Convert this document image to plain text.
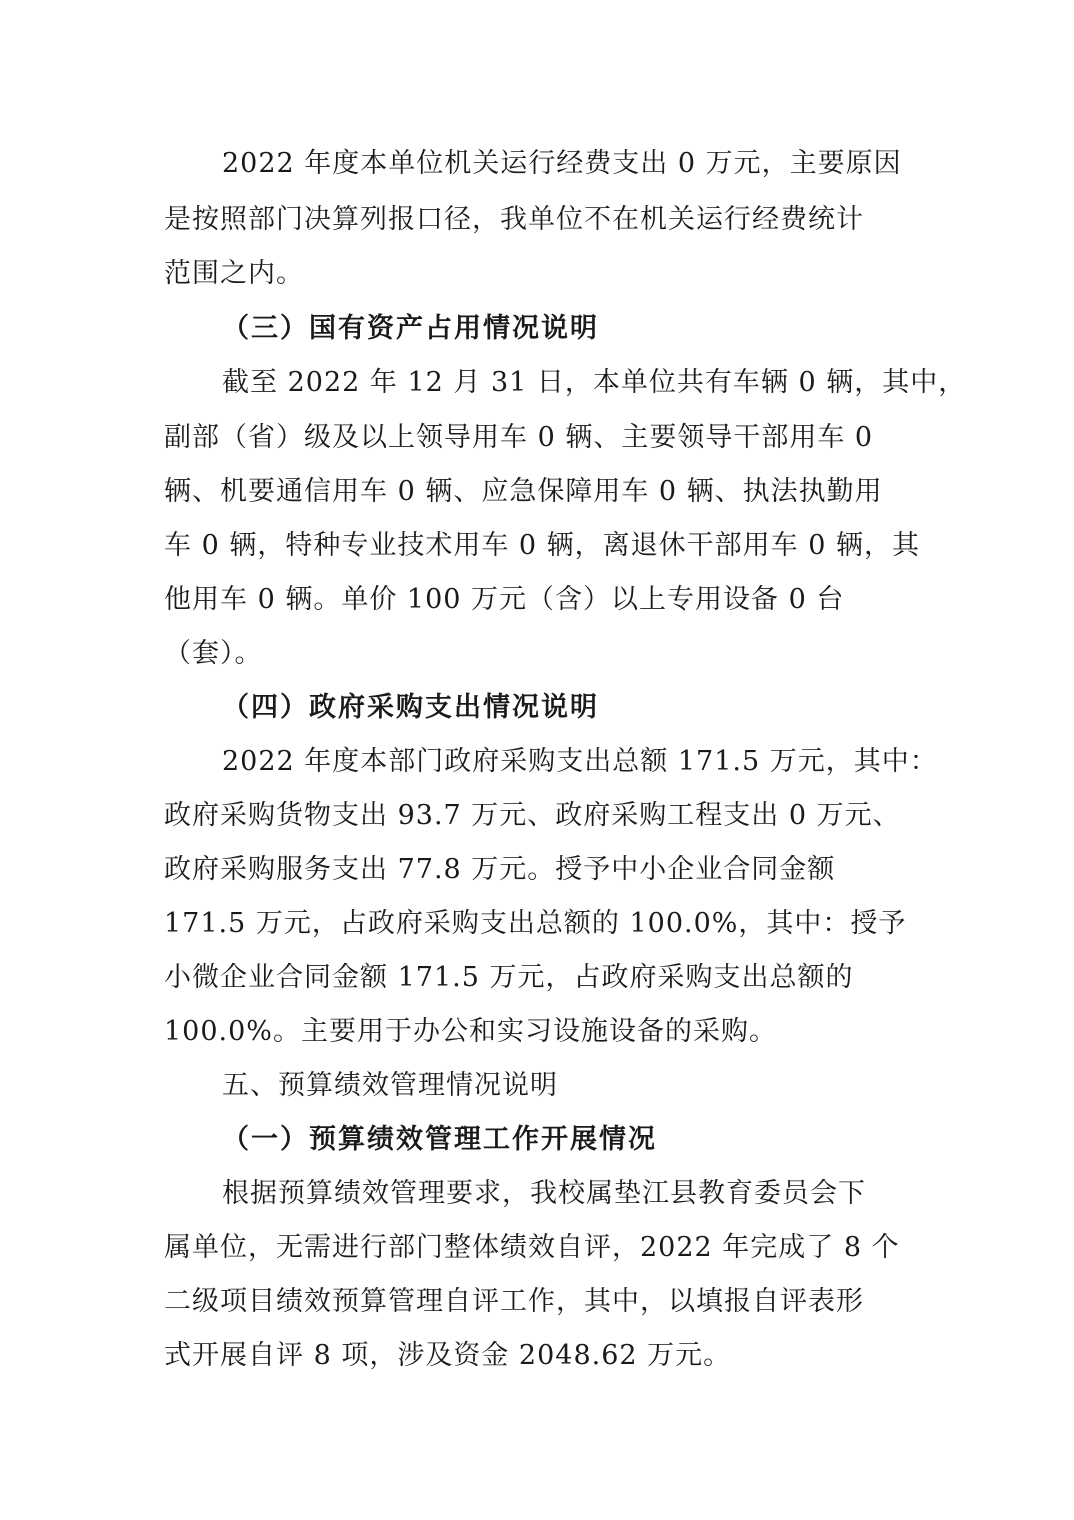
2022 年度本单位机关运行经费支出 0 万元，主要原因
是按照部门决算列报口径，我单位不在机关运行经费统计
范围之内。
（三）国有资产占用情况说明
截至 2022 年 12 月 31 日，本单位共有车辆 0 辆，其中，
副部（省）级及以上领导用车 0 辆、主要领导干部用车 0
辆、机要通信用车 0 辆、应急保障用车 0 辆、执法执勤用
车 0 辆，特种专业技术用车 0 辆，离退休干部用车 0 辆，其
他用车 0 辆。单价 100 万元（含）以上专用设备 0 台
（套）。
（四）政府采购支出情况说明
2022 年度本部门政府采购支出总额 171.5 万元，其中：
政府采购货物支出 93.7 万元、政府采购工程支出 0 万元、
政府采购服务支出 77.8 万元。授予中小企业合同金额
171.5 万元，占政府采购支出总额的 100.0%，其中：授予
小微企业合同金额 171.5 万元，占政府采购支出总额的
100.0%。主要用于办公和实习设施设备的采购。
五、预算绩效管理情况说明
（一）预算绩效管理工作开展情况
根据预算绩效管理要求，我校属垫江县教育委员会下
属单位，无需进行部门整体绩效自评，2022 年完成了 8 个
二级项目绩效预算管理自评工作，其中，以填报自评表形
式开展自评 8 项，涉及资金 2048.62 万元。
